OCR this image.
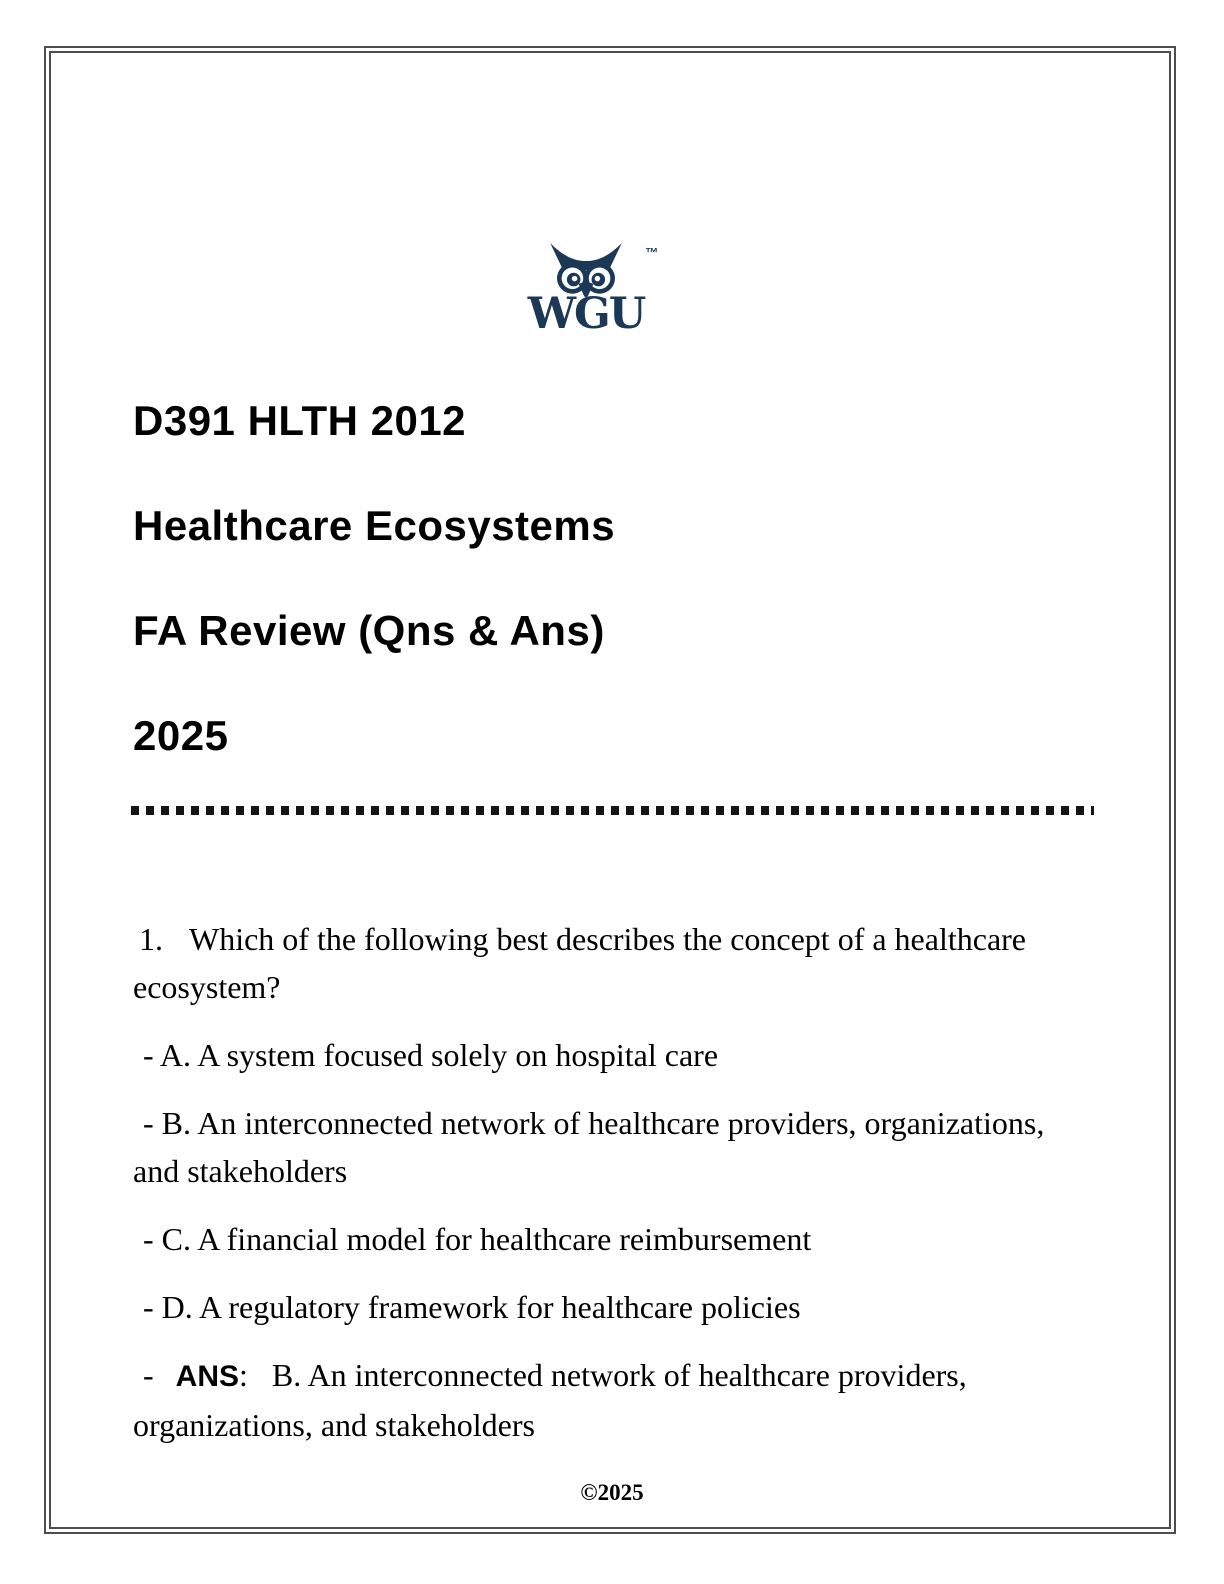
™
WGU
D391 HLTH 2012
Healthcare Ecosystems
FA Review (Qns & Ans)
2025

1. Which of the following best describes the concept of a healthcare ecosystem?

- A. A system focused solely on hospital care

- B. An interconnected network of healthcare providers, organizations, and stakeholders

- C. A financial model for healthcare reimbursement

- D. A regulatory framework for healthcare policies

- ANS: B. An interconnected network of healthcare providers, organizations, and stakeholders

©2025
